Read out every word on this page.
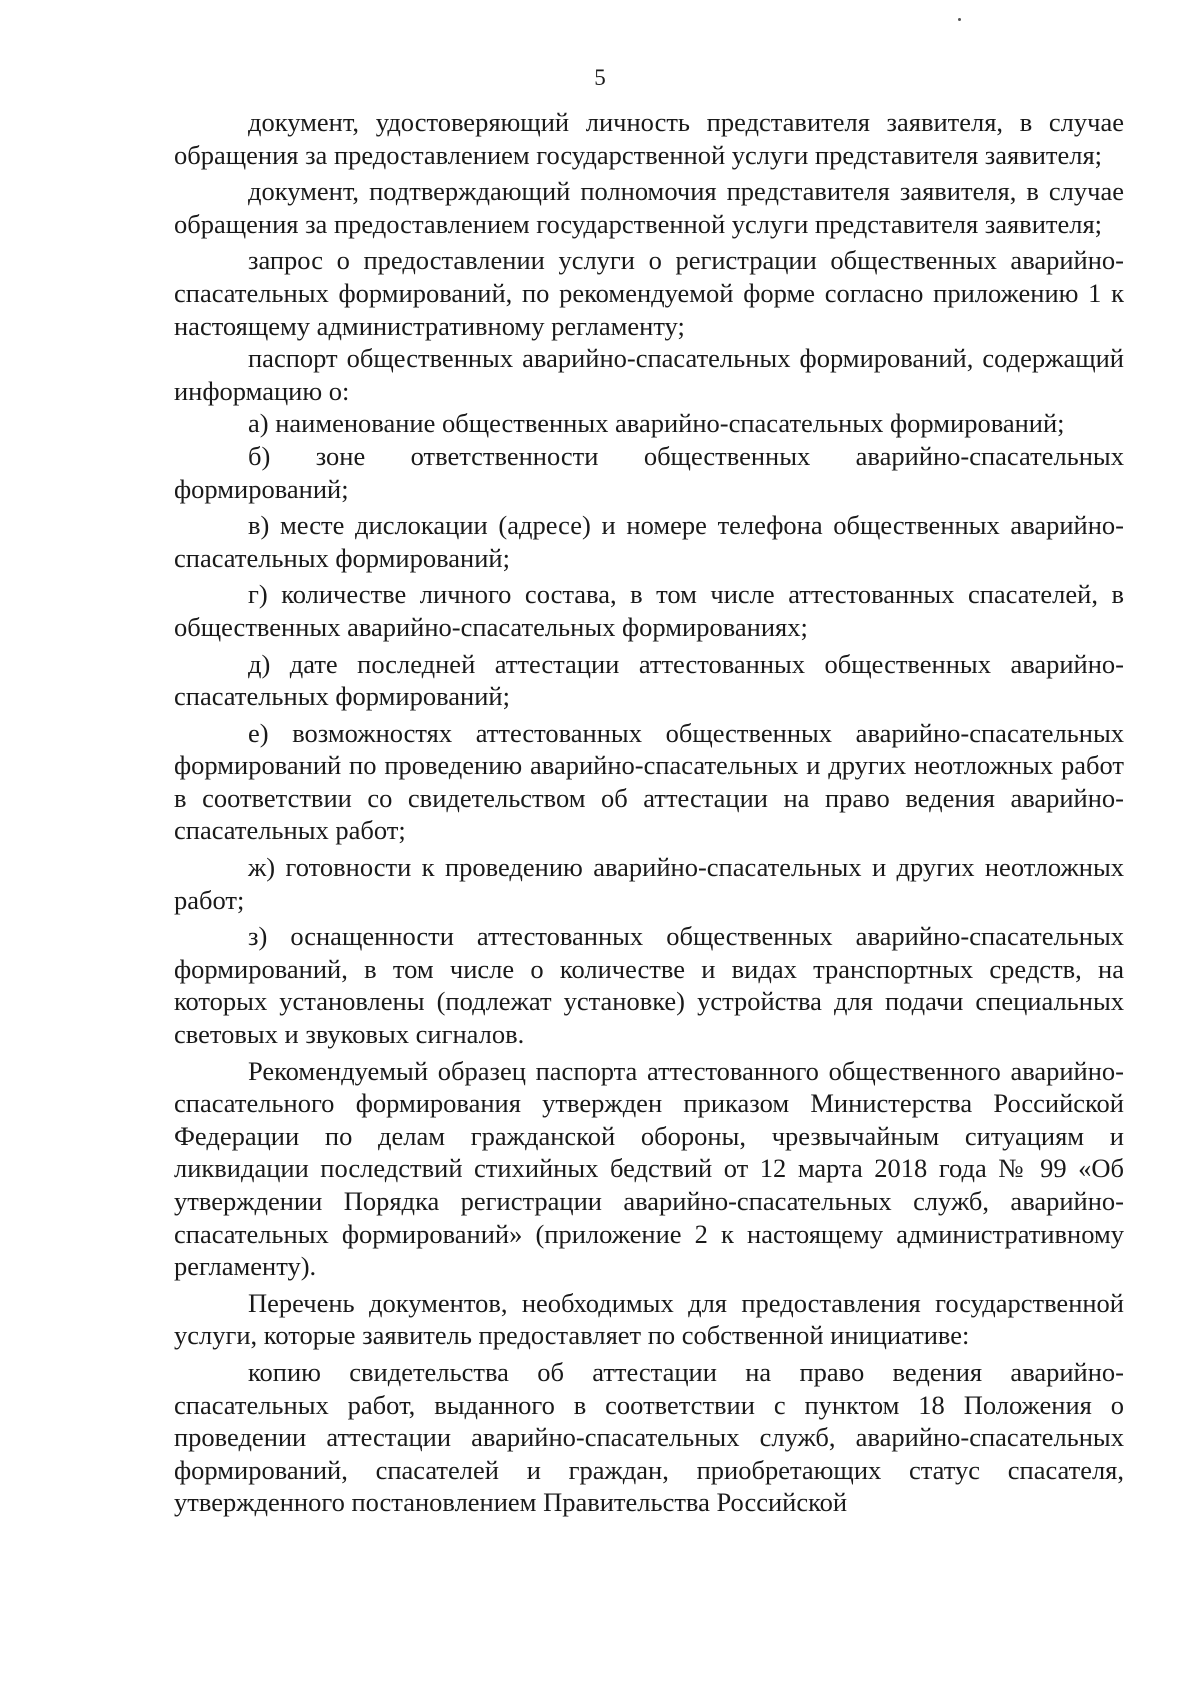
5

документ, удостоверяющий личность представителя заявителя, в случае обращения за предоставлением государственной услуги представителя заявителя;

документ, подтверждающий полномочия представителя заявителя, в случае обращения за предоставлением государственной услуги представителя заявителя;

запрос о предоставлении услуги о регистрации общественных аварийно-спасательных формирований, по рекомендуемой форме согласно приложению 1 к настоящему административному регламенту;

паспорт общественных аварийно-спасательных формирований, содержащий информацию о:

а) наименование общественных аварийно-спасательных формирований;

б) зоне ответственности общественных аварийно-спасательных формирований;

в) месте дислокации (адресе) и номере телефона общественных аварийно-спасательных формирований;

г) количестве личного состава, в том числе аттестованных спасателей, в общественных аварийно-спасательных формированиях;

д) дате последней аттестации аттестованных общественных аварийно-спасательных формирований;

е) возможностях аттестованных общественных аварийно-спасательных формирований по проведению аварийно-спасательных и других неотложных работ в соответствии со свидетельством об аттестации на право ведения аварийно-спасательных работ;

ж) готовности к проведению аварийно-спасательных и других неотложных работ;

з) оснащенности аттестованных общественных аварийно-спасательных формирований, в том числе о количестве и видах транспортных средств, на которых установлены (подлежат установке) устройства для подачи специальных световых и звуковых сигналов.

Рекомендуемый образец паспорта аттестованного общественного аварийно-спасательного формирования утвержден приказом Министерства Российской Федерации по делам гражданской обороны, чрезвычайным ситуациям и ликвидации последствий стихийных бедствий от 12 марта 2018 года № 99 «Об утверждении Порядка регистрации аварийно-спасательных служб, аварийно-спасательных формирований» (приложение 2 к настоящему административному регламенту).

Перечень документов, необходимых для предоставления государственной услуги, которые заявитель предоставляет по собственной инициативе:

копию свидетельства об аттестации на право ведения аварийно-спасательных работ, выданного в соответствии с пунктом 18 Положения о проведении аттестации аварийно-спасательных служб, аварийно-спасательных формирований, спасателей и граждан, приобретающих статус спасателя, утвержденного постановлением Правительства Российской
